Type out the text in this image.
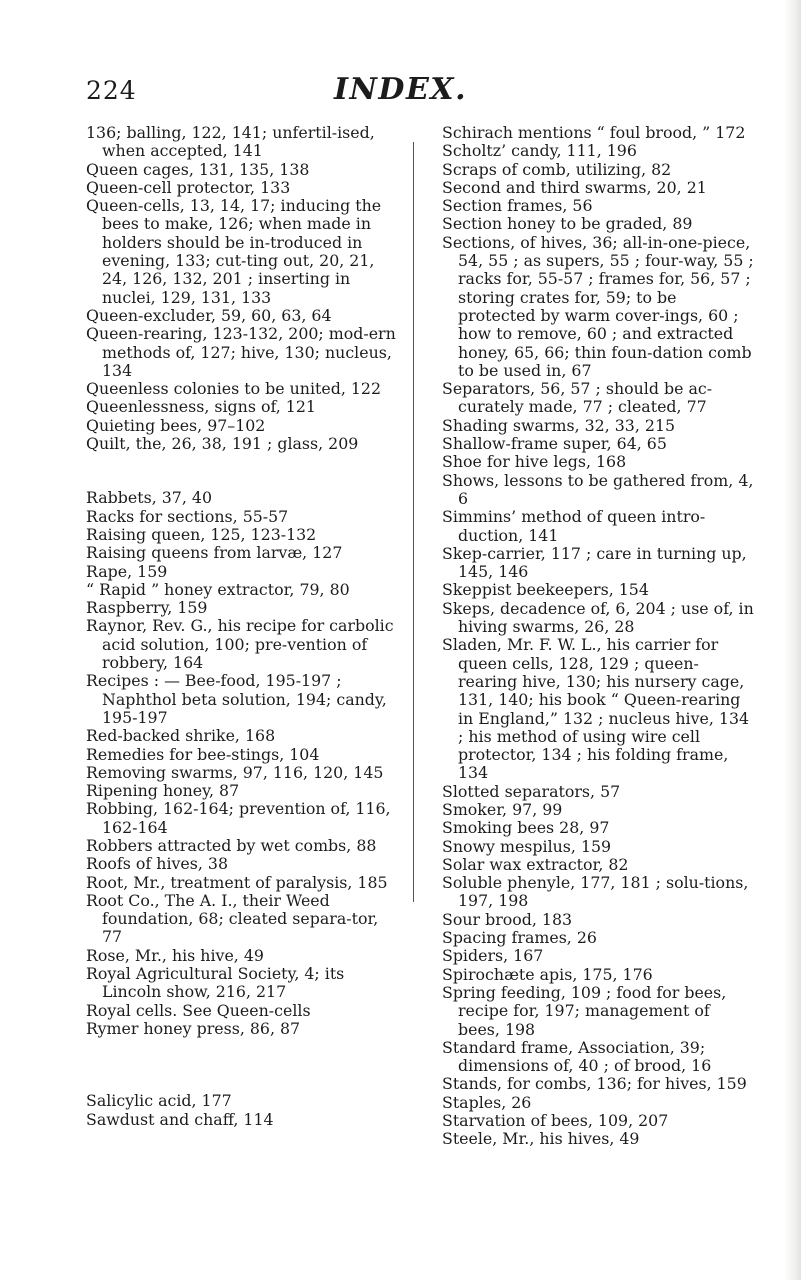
224	INDEX.

136; balling, 122, 141; unfertil-ised, when accepted, 141

Queen cages, 131, 135, 138

Queen-cell protector, 133

Queen-cells, 13, 14, 17; inducing the bees to make, 126; when made in holders should be in-troduced in evening, 133; cut-ting out, 20, 21, 24, 126, 132, 201 ; inserting in nuclei, 129, 131, 133

Queen-excluder, 59, 60, 63, 64

Queen-rearing, 123-132, 200; mod-ern methods of, 127; hive, 130; nucleus, 134

Queenless colonies to be united, 122

Queenlessness, signs of, 121

Quieting bees, 97–102

Quilt, the, 26, 38, 191 ; glass, 209

Rabbets, 37, 40

Racks for sections, 55-57

Raising queen, 125, 123-132

Raising queens from larvæ, 127

Rape, 159

“ Rapid ” honey extractor, 79, 80

Raspberry, 159

Raynor, Rev. G., his recipe for carbolic acid solution, 100; pre-vention of robbery, 164

Recipes : — Bee-food, 195-197 ; Naphthol beta solution, 194; candy, 195-197

Red-backed shrike, 168

Remedies for bee-stings, 104

Removing swarms, 97, 116, 120, 145

Ripening honey, 87

Robbing, 162-164; prevention of, 116, 162-164

Robbers attracted by wet combs, 88

Roofs of hives, 38

Root, Mr., treatment of paralysis, 185

Root Co., The A. I., their Weed foundation, 68; cleated separa-tor, 77

Rose, Mr., his hive, 49

Royal Agricultural Society, 4; its Lincoln show, 216, 217

Royal cells. See Queen-cells

Rymer honey press, 86, 87

Salicylic acid, 177

Sawdust and chaff, 114

Schirach mentions “ foul brood, ” 172

Scholtz’ candy, 111, 196

Scraps of comb, utilizing, 82

Second and third swarms, 20, 21

Section frames, 56

Section honey to be graded, 89

Sections, of hives, 36; all-in-one-piece, 54, 55 ; as supers, 55 ; four-way, 55 ; racks for, 55-57 ; frames for, 56, 57 ; storing crates for, 59; to be protected by warm cover-ings, 60 ; how to remove, 60 ; and extracted honey, 65, 66; thin foun-dation comb to be used in, 67

Separators, 56, 57 ; should be ac-curately made, 77 ; cleated, 77

Shading swarms, 32, 33, 215

Shallow-frame super, 64, 65

Shoe for hive legs, 168

Shows, lessons to be gathered from, 4, 6

Simmins’ method of queen intro-duction, 141

Skep-carrier, 117 ; care in turning up, 145, 146

Skeppist beekeepers, 154

Skeps, decadence of, 6, 204 ; use of, in hiving swarms, 26, 28

Sladen, Mr. F. W. L., his carrier for queen cells, 128, 129 ; queen-rearing hive, 130; his nursery cage, 131, 140; his book “ Queen-rearing in England,” 132 ; nucleus hive, 134 ; his method of using wire cell protector, 134 ; his folding frame, 134

Slotted separators, 57

Smoker, 97, 99

Smoking bees 28, 97

Snowy mespilus, 159

Solar wax extractor, 82

Soluble phenyle, 177, 181 ; solu-tions, 197, 198

Sour brood, 183

Spacing frames, 26

Spiders, 167

Spirochæte apis, 175, 176

Spring feeding, 109 ; food for bees, recipe for, 197; management of bees, 198

Standard frame, Association, 39; dimensions of, 40 ; of brood, 16

Stands, for combs, 136; for hives, 159

Staples, 26

Starvation of bees, 109, 207

Steele, Mr., his hives, 49
